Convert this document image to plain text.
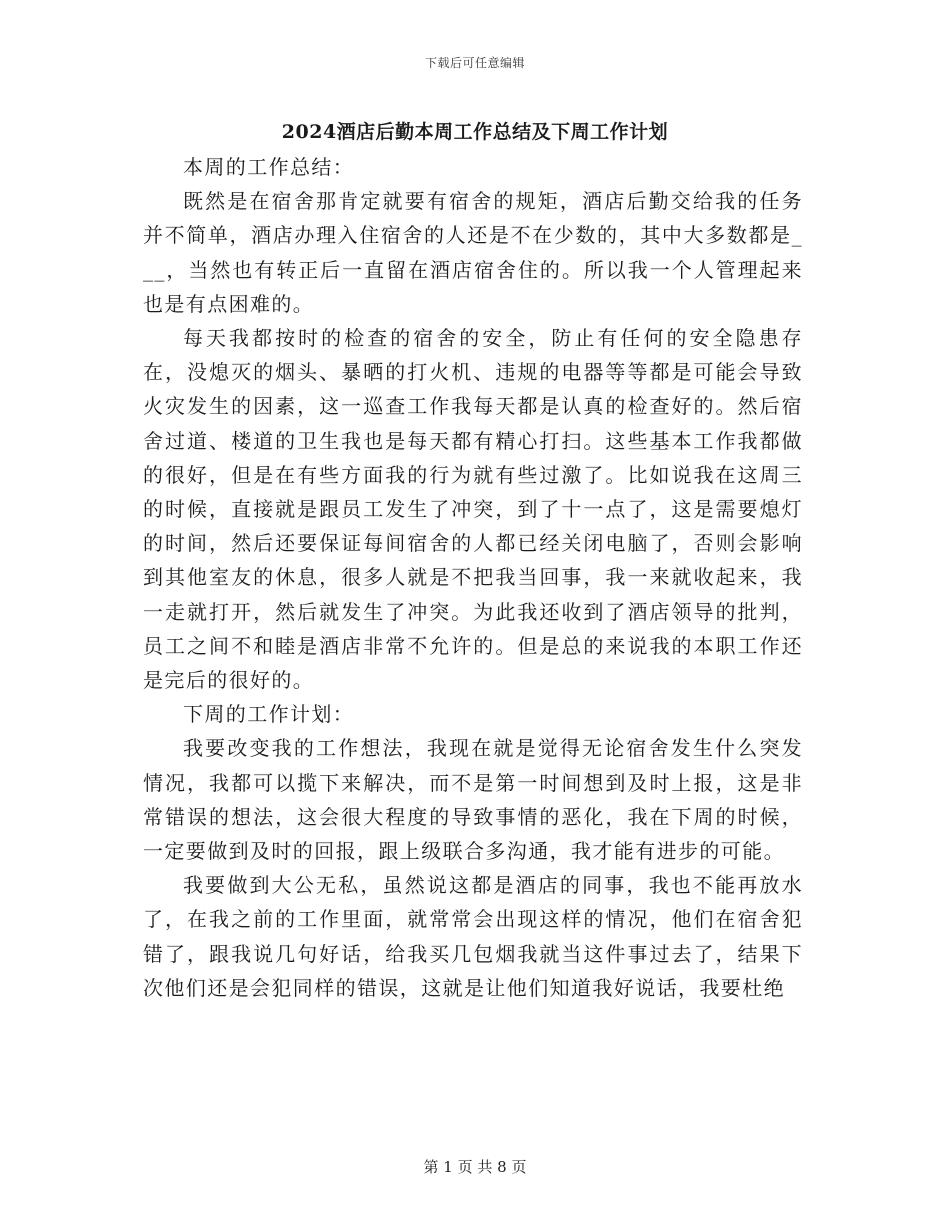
下载后可任意编辑
2024酒店后勤本周工作总结及下周工作计划

本周的工作总结：

既然是在宿舍那肯定就要有宿舍的规矩，酒店后勤交给我的任务并不简单，酒店办理入住宿舍的人还是不在少数的，其中大多数都是___，当然也有转正后一直留在酒店宿舍住的。所以我一个人管理起来也是有点困难的。

每天我都按时的检查的宿舍的安全，防止有任何的安全隐患存在，没熄灭的烟头、暴晒的打火机、违规的电器等等都是可能会导致火灾发生的因素，这一巡查工作我每天都是认真的检查好的。然后宿舍过道、楼道的卫生我也是每天都有精心打扫。这些基本工作我都做的很好，但是在有些方面我的行为就有些过激了。比如说我在这周三的时候，直接就是跟员工发生了冲突，到了十一点了，这是需要熄灯的时间，然后还要保证每间宿舍的人都已经关闭电脑了，否则会影响到其他室友的休息，很多人就是不把我当回事，我一来就收起来，我一走就打开，然后就发生了冲突。为此我还收到了酒店领导的批判，员工之间不和睦是酒店非常不允许的。但是总的来说我的本职工作还是完后的很好的。

下周的工作计划：

我要改变我的工作想法，我现在就是觉得无论宿舍发生什么突发情况，我都可以揽下来解决，而不是第一时间想到及时上报，这是非常错误的想法，这会很大程度的导致事情的恶化，我在下周的时候，一定要做到及时的回报，跟上级联合多沟通，我才能有进步的可能。

我要做到大公无私，虽然说这都是酒店的同事，我也不能再放水了，在我之前的工作里面，就常常会出现这样的情况，他们在宿舍犯错了，跟我说几句好话，给我买几包烟我就当这件事过去了，结果下次他们还是会犯同样的错误，这就是让他们知道我好说话，我要杜绝

第 1 页 共 8 页
